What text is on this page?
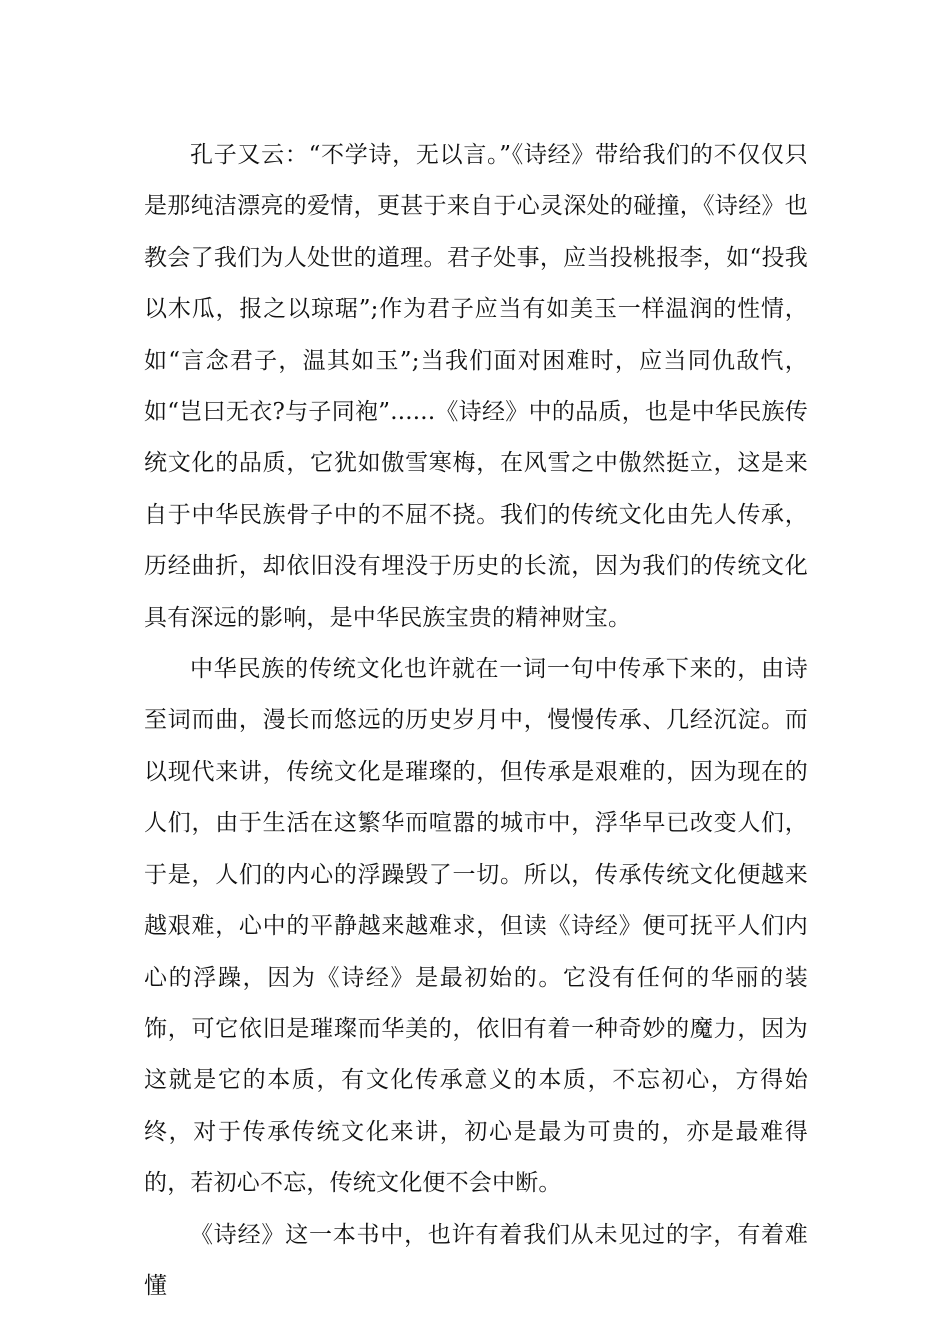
孔子又云：“不学诗，无以言。”《诗经》带给我们的不仅仅只是那纯洁漂亮的爱情，更甚于来自于心灵深处的碰撞，《诗经》也教会了我们为人处世的道理。君子处事，应当投桃报李，如“投我以木瓜，报之以琼琚”;作为君子应当有如美玉一样温润的性情，如“言念君子，温其如玉”;当我们面对困难时，应当同仇敌忾，如“岂曰无衣?与子同袍”......《诗经》中的品质，也是中华民族传统文化的品质，它犹如傲雪寒梅，在风雪之中傲然挺立，这是来自于中华民族骨子中的不屈不挠。我们的传统文化由先人传承，历经曲折，却依旧没有埋没于历史的长流，因为我们的传统文化具有深远的影响，是中华民族宝贵的精神财宝。

中华民族的传统文化也许就在一词一句中传承下来的，由诗至词而曲，漫长而悠远的历史岁月中，慢慢传承、几经沉淀。而以现代来讲，传统文化是璀璨的，但传承是艰难的，因为现在的人们，由于生活在这繁华而喧嚣的城市中，浮华早已改变人们，于是，人们的内心的浮躁毁了一切。所以，传承传统文化便越来越艰难，心中的平静越来越难求，但读《诗经》便可抚平人们内心的浮躁，因为《诗经》是最初始的。它没有任何的华丽的装饰，可它依旧是璀璨而华美的，依旧有着一种奇妙的魔力，因为这就是它的本质，有文化传承意义的本质，不忘初心，方得始终，对于传承传统文化来讲，初心是最为可贵的，亦是最难得的，若初心不忘，传统文化便不会中断。

《诗经》这一本书中，也许有着我们从未见过的字，有着难懂
